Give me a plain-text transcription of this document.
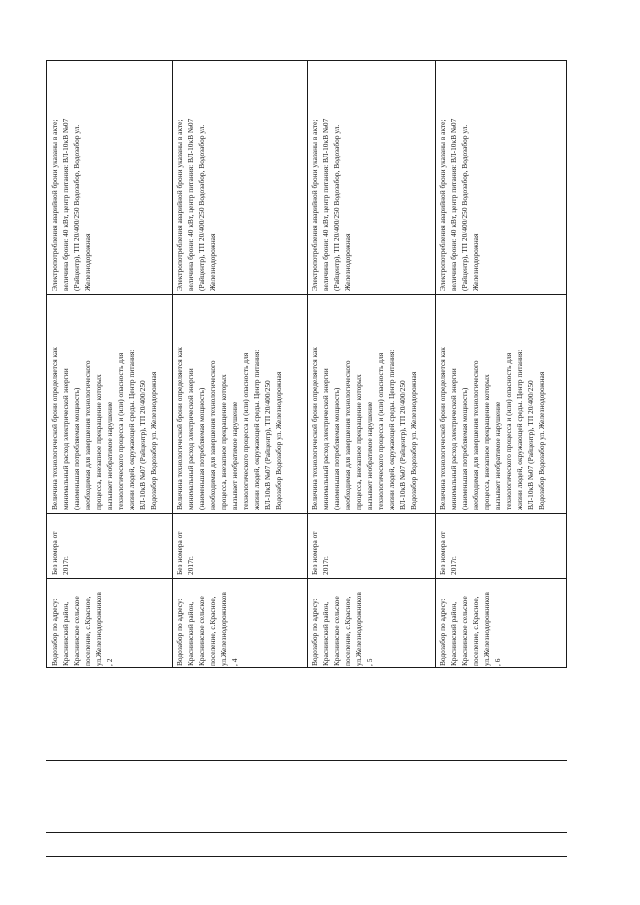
Электропотребления аварийной брони указаны в акте;
величина брони: 40 кВт, центр питания: ВЛ-10кВ №07
(Райцентр), ТП 20/400/250 Водозабор, Водозабор ул.
Железнодорожная
Величина технологической брони определяется как
минимальный расход электрической энергии
(наименьшая потребляемая мощность)
необходимая для завершения технологического
процесса, внезапное прекращение которых
вызывает необратимое нарушение
технологического процесса и (или) опасность для
жизни людей, окружающей среды. Центр питания:
ВЛ-10кВ №07 (Райцентр), ТП 20/400/250
Водозабор Водозабор ул. Железнодорожная
Без номера от
2017г.
Водозабор по адресу:
Краснинский район,
Краснинское сельское
поселение, с.Красное,
ул.Железнодорожников
, 2
Электропотребления аварийной брони указаны в акте;
величина брони: 40 кВт, центр питания: ВЛ-10кВ №07
(Райцентр), ТП 20/400/250 Водозабор, Водозабор ул.
Железнодорожная
Величина технологической брони определяется как
минимальный расход электрической энергии
(наименьшая потребляемая мощность)
необходимая для завершения технологического
процесса, внезапное прекращение которых
вызывает необратимое нарушение
технологического процесса и (или) опасность для
жизни людей, окружающей среды. Центр питания:
ВЛ-10кВ №07 (Райцентр), ТП 20/400/250
Водозабор Водозабор ул. Железнодорожная
Без номера от
2017г.
Водозабор по адресу:
Краснинский район,
Краснинское сельское
поселение, с.Красное,
ул.Железнодорожников
, 4
Электропотребления аварийной брони указаны в акте;
величина брони: 40 кВт, центр питания: ВЛ-10кВ №07
(Райцентр), ТП 20/400/250 Водозабор, Водозабор ул.
Железнодорожная
Величина технологической брони определяется как
минимальный расход электрической энергии
(наименьшая потребляемая мощность)
необходимая для завершения технологического
процесса, внезапное прекращение которых
вызывает необратимое нарушение
технологического процесса и (или) опасность для
жизни людей, окружающей среды. Центр питания:
ВЛ-10кВ №07 (Райцентр), ТП 20/400/250
Водозабор Водозабор ул. Железнодорожная
Без номера от
2017г.
Водозабор по адресу:
Краснинский район,
Краснинское сельское
поселение, с.Красное,
ул.Железнодорожников
, 5
Электропотребления аварийной брони указаны в акте;
величина брони: 40 кВт, центр питания: ВЛ-10кВ №07
(Райцентр), ТП 20/400/250 Водозабор, Водозабор ул.
Железнодорожная
Величина технологической брони определяется как
минимальный расход электрической энергии
(наименьшая потребляемая мощность)
необходимая для завершения технологического
процесса, внезапное прекращение которых
вызывает необратимое нарушение
технологического процесса и (или) опасность для
жизни людей, окружающей среды. Центр питания:
ВЛ-10кВ №07 (Райцентр), ТП 20/400/250
Водозабор Водозабор ул. Железнодорожная
Без номера от
2017г.
Водозабор по адресу:
Краснинский район,
Краснинское сельское
поселение, с.Красное,
ул.Железнодорожников
, 6
